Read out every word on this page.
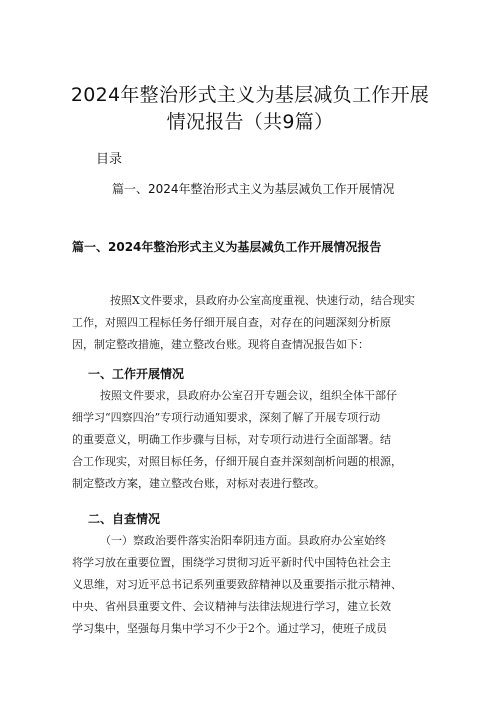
2024年整治形式主义为基层减负工作开展
情况报告（共9篇）
目录
篇一、2024年整治形式主义为基层减负工作开展情况
篇一、2024年整治形式主义为基层减负工作开展情况报告
按照X文件要求，县政府办公室高度重视、快速行动，结合现实
工作，对照四工程标任务仔细开展自查，对存在的问题深刻分析原
因，制定整改措施，建立整改台账。现将自查情况报告如下：
一、工作开展情况
按照文件要求，县政府办公室召开专题会议，组织全体干部仔
细学习“四察四治”专项行动通知要求，深刻了解了开展专项行动
的重要意义，明确工作步骤与目标，对专项行动进行全面部署。结
合工作现实，对照目标任务，仔细开展自查并深刻剖析问题的根源，
制定整改方案，建立整改台账，对标对表进行整改。
二、自查情况
（一）察政治要件落实治阳奉阴违方面。县政府办公室始终
将学习放在重要位置，围绕学习贯彻习近平新时代中国特色社会主
义思维，对习近平总书记系列重要致辞精神以及重要指示批示精神、
中央、省州县重要文件、会议精神与法律法规进行学习，建立长效
学习集中，坚强每月集中学习不少于2个。通过学习，使班子成员
